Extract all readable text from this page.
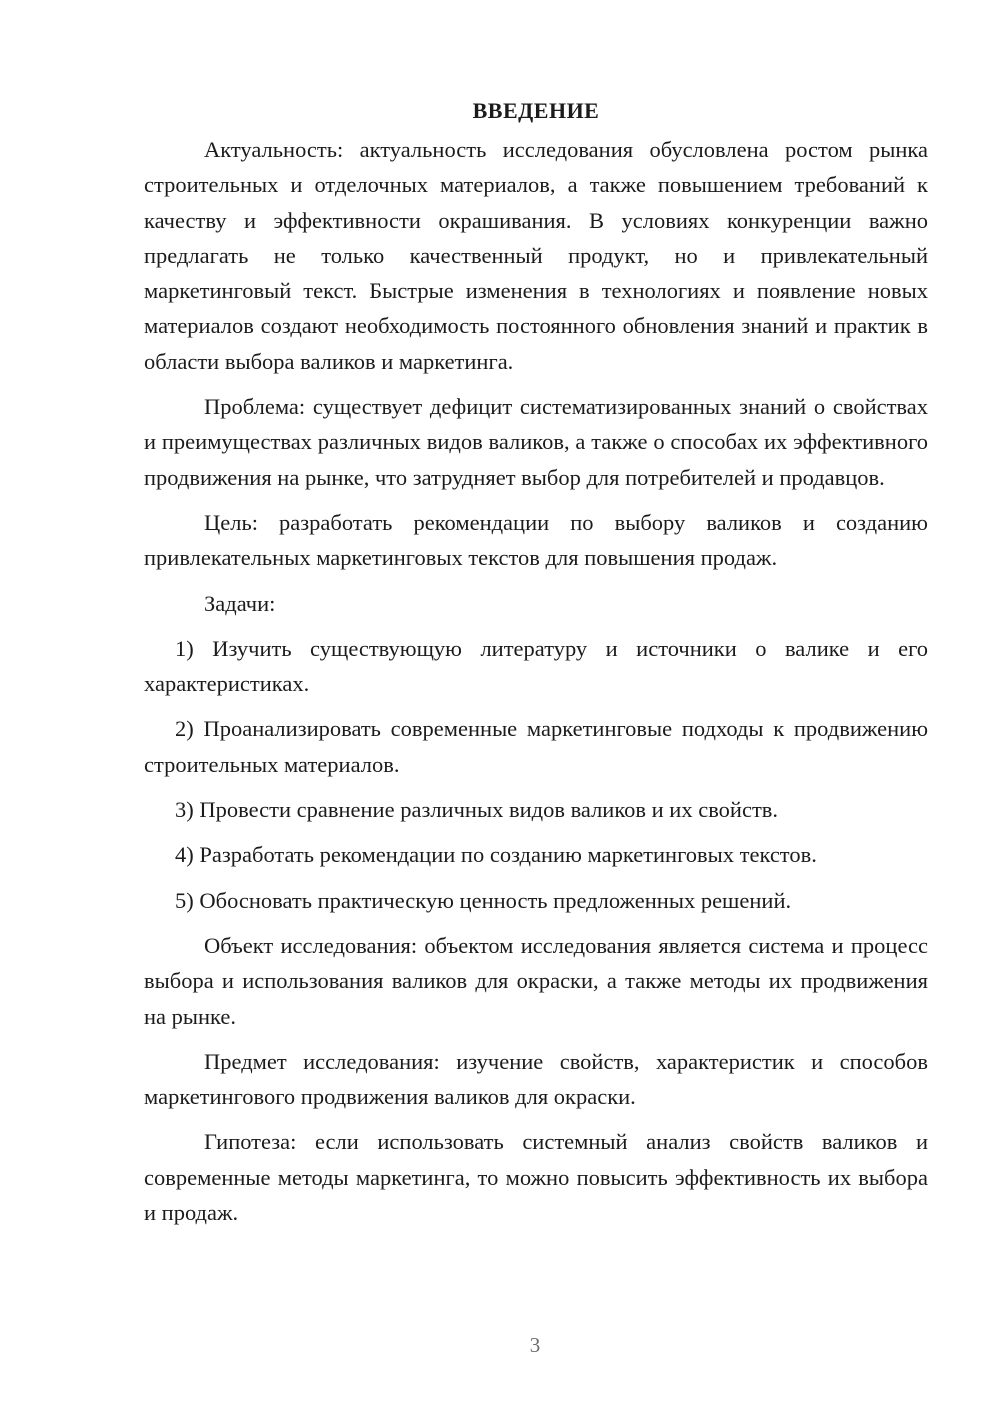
ВВЕДЕНИЕ

Актуальность: актуальность исследования обусловлена ростом рынка строительных и отделочных материалов, а также повышением требований к качеству и эффективности окрашивания. В условиях конкуренции важно предлагать не только качественный продукт, но и привлекательный маркетинговый текст. Быстрые изменения в технологиях и появление новых материалов создают необходимость постоянного обновления знаний и практик в области выбора валиков и маркетинга.

Проблема: существует дефицит систематизированных знаний о свойствах и преимуществах различных видов валиков, а также о способах их эффективного продвижения на рынке, что затрудняет выбор для потребителей и продавцов.

Цель: разработать рекомендации по выбору валиков и созданию привлекательных маркетинговых текстов для повышения продаж.

Задачи:

1) Изучить существующую литературу и источники о валике и его характеристиках.

2) Проанализировать современные маркетинговые подходы к продвижению строительных материалов.

3) Провести сравнение различных видов валиков и их свойств.

4) Разработать рекомендации по созданию маркетинговых текстов.

5) Обосновать практическую ценность предложенных решений.

Объект исследования: объектом исследования является система и процесс выбора и использования валиков для окраски, а также методы их продвижения на рынке.

Предмет исследования: изучение свойств, характеристик и способов маркетингового продвижения валиков для окраски.

Гипотеза: если использовать системный анализ свойств валиков и современные методы маркетинга, то можно повысить эффективность их выбора и продаж.

3
